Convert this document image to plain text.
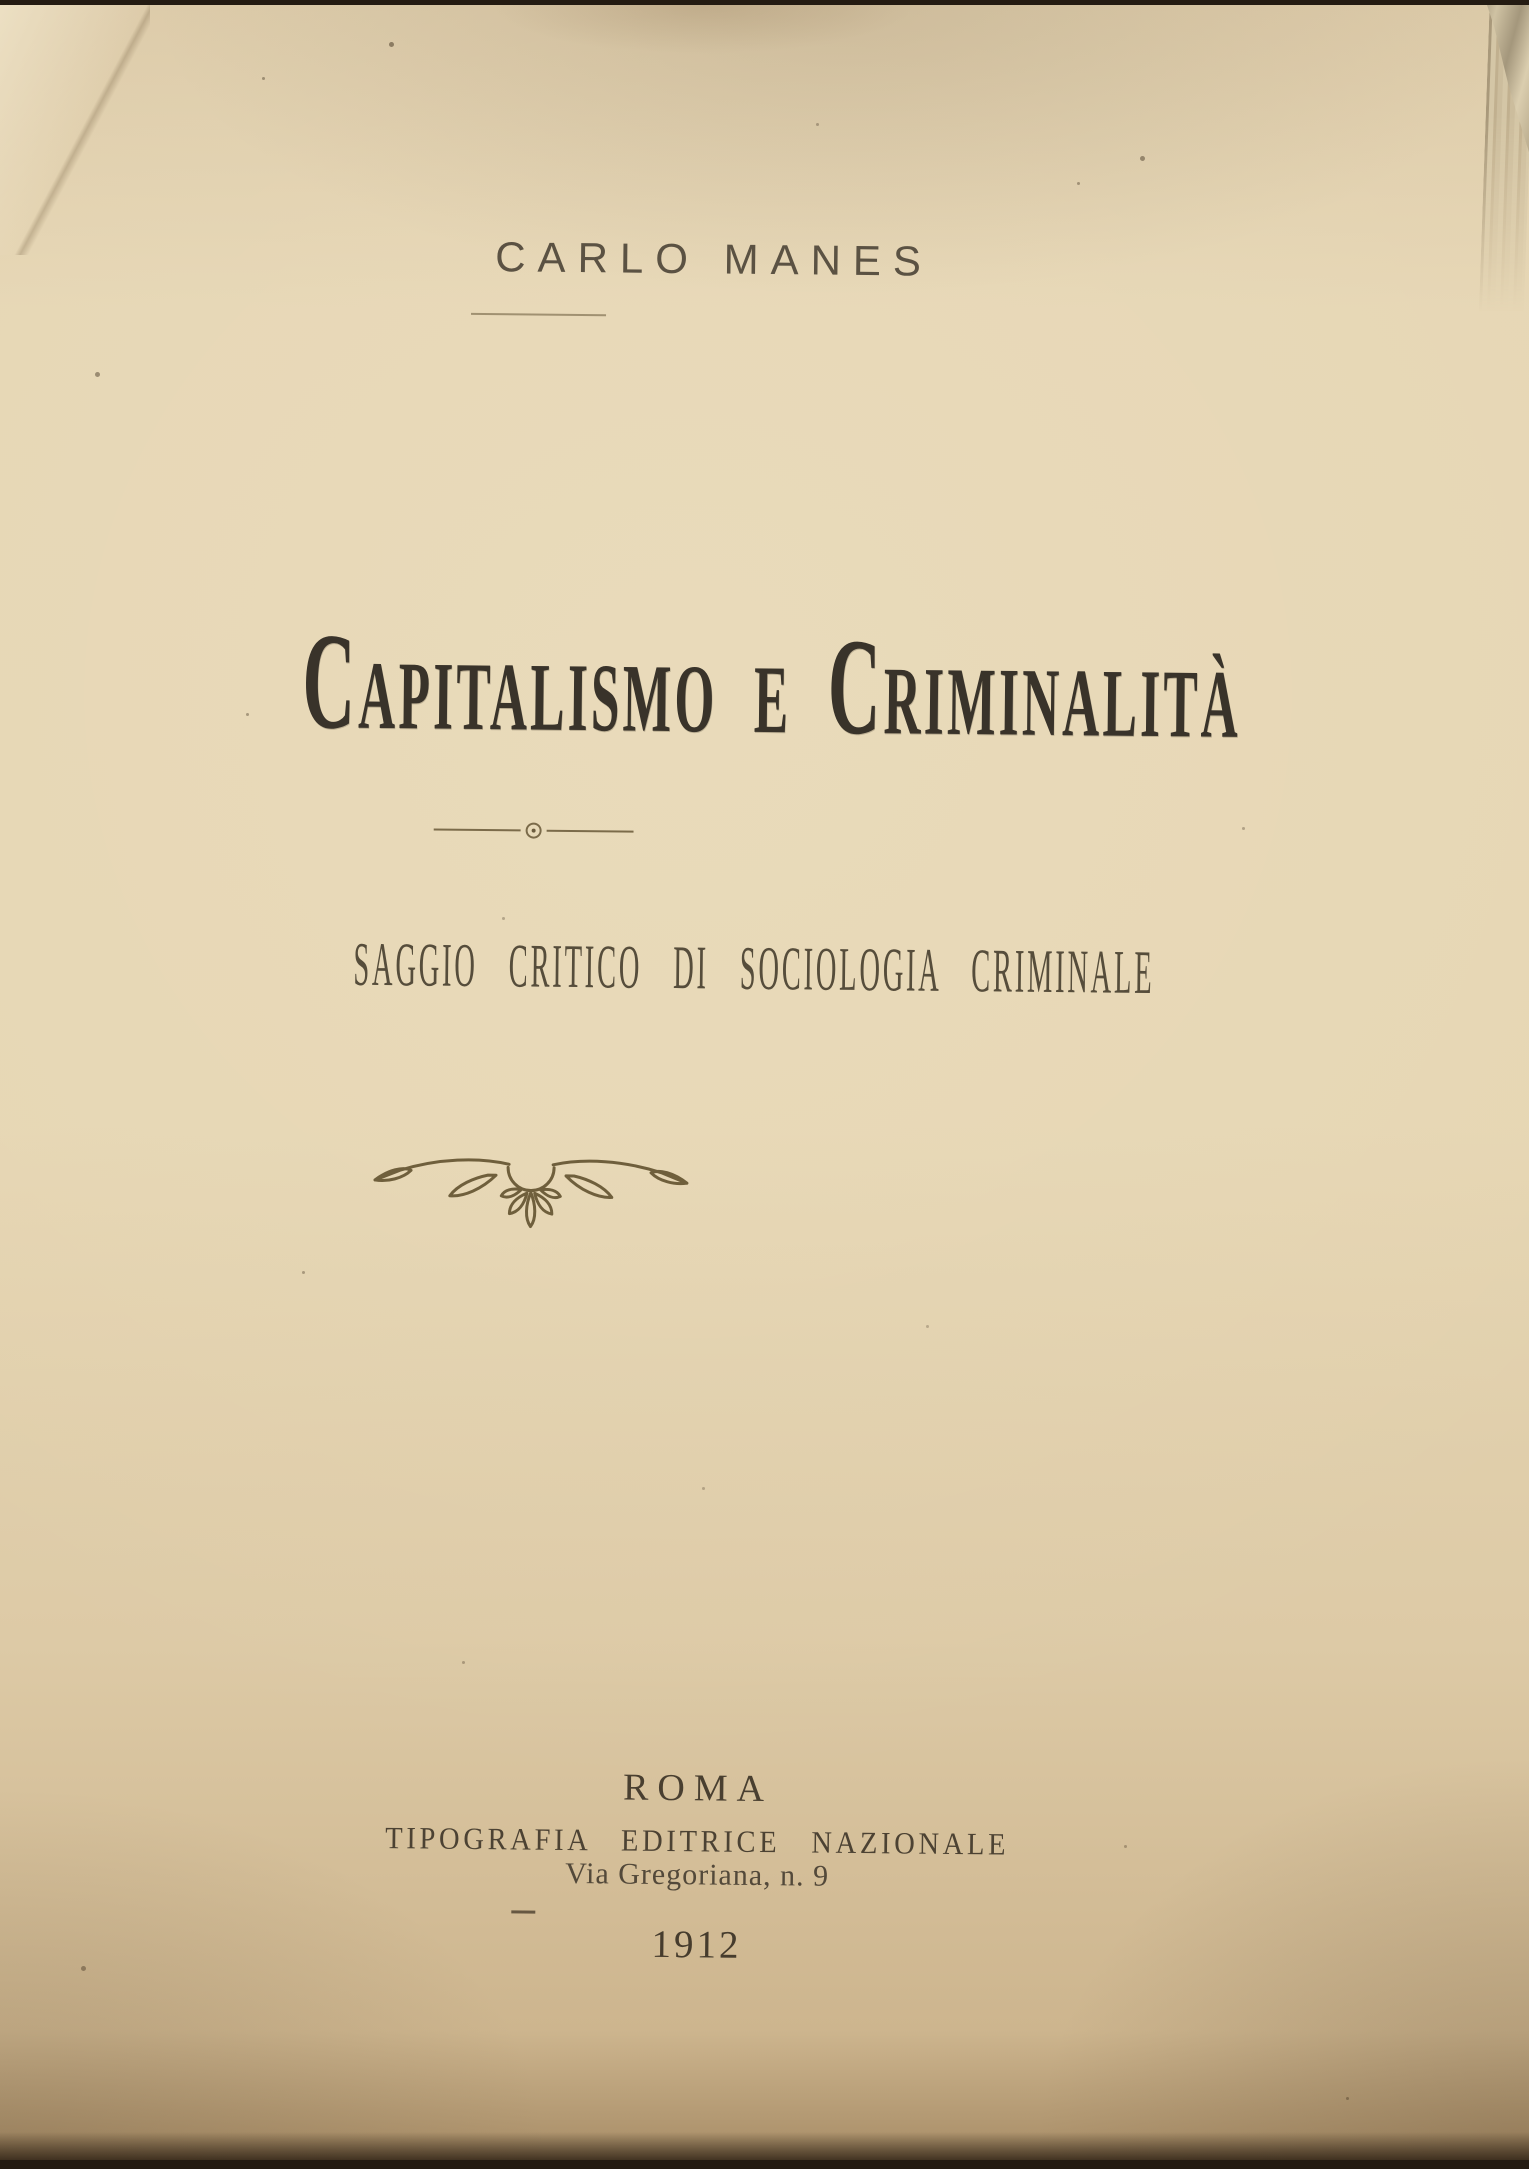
CARLO MANES
Capitalismo e Criminalità
SAGGIO CRITICO DI SOCIOLOGIA CRIMINALE
ROMA
TIPOGRAFIA EDITRICE NAZIONALE
Via Gregoriana, n. 9
1912
